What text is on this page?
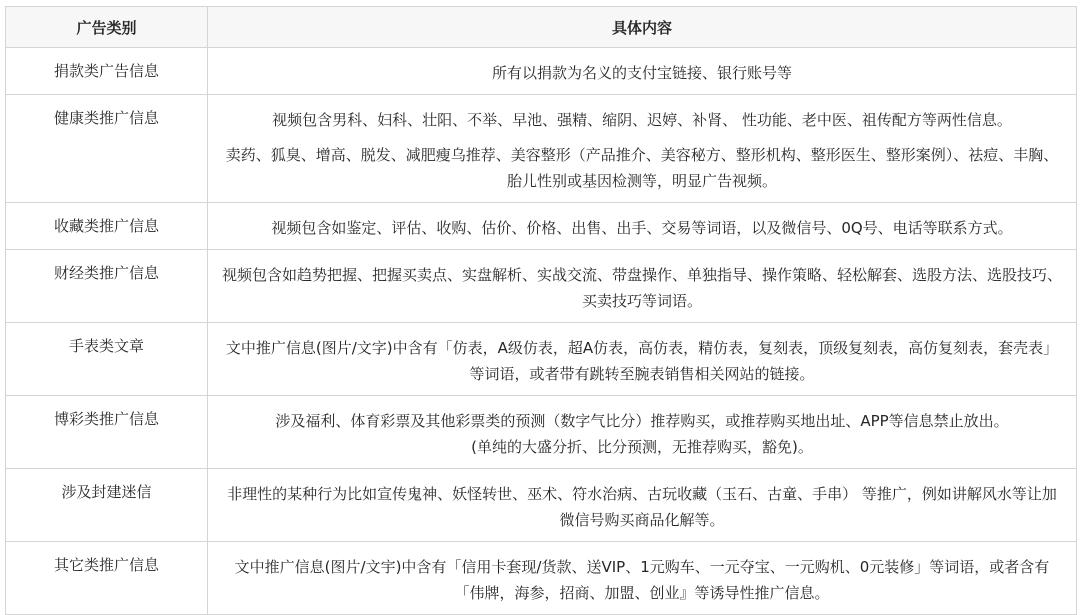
广告类别	具体内容
捐款类广告信息	所有以捐款为名义的支付宝链接、银行账号等

健康类推广信息	视频包含男科、妇科、壮阳、不举、早池、强精、缩阴、迟婷、补肾、 性功能、老中医、祖传配方等两性信息。
卖药、狐臭、增高、脱发、减肥瘦乌推荐、美容整形（产品推介、美容秘方、整形机构、整形医生、整形案例）、祛痘、丰胸、胎儿性别或基因检测等，明显广告视频。

收藏类推广信息	视频包含如鉴定、评估、收购、估价、价格、出售、出手、交易等词语，以及微信号、0Q号、电话等联系方式。

财经类推广信息	视频包含如趋势把握、把握买卖点、实盘解析、实战交流、带盘操作、单独指导、操作策略、轻松解套、选股方法、选股技巧、买卖技巧等词语。

手表类文章	文中推广信息(图片/文字)中含有「仿表，A级仿表，超A仿表，高仿表，精仿表，复刻表，顶级复刻表，高仿复刻表，套壳表」等词语，或者带有跳转至腕表销售相关网站的链接。

博彩类推广信息	涉及福利、体育彩票及其他彩票类的预测（数字气比分）推荐购买，或推荐购买地出址、APP等信息禁止放出。
(单纯的大盛分折、比分预测，无推荐购买，豁免)。

涉及封建迷信	非理性的某种行为比如宣传鬼神、妖怪转世、巫术、符水治病、古玩收藏（玉石、古童、手串） 等推广，例如讲解风水等让加微信号购买商品化解等。

其它类推广信息	文中推广信息(图片/文宇)中含有「信用卡套现/货款、送VIP、1元购车、一元夺宝、一元购机、0元装修」等词语，或者含有「伟牌，海参，招商、加盟、创业』等诱导性推广信息。
